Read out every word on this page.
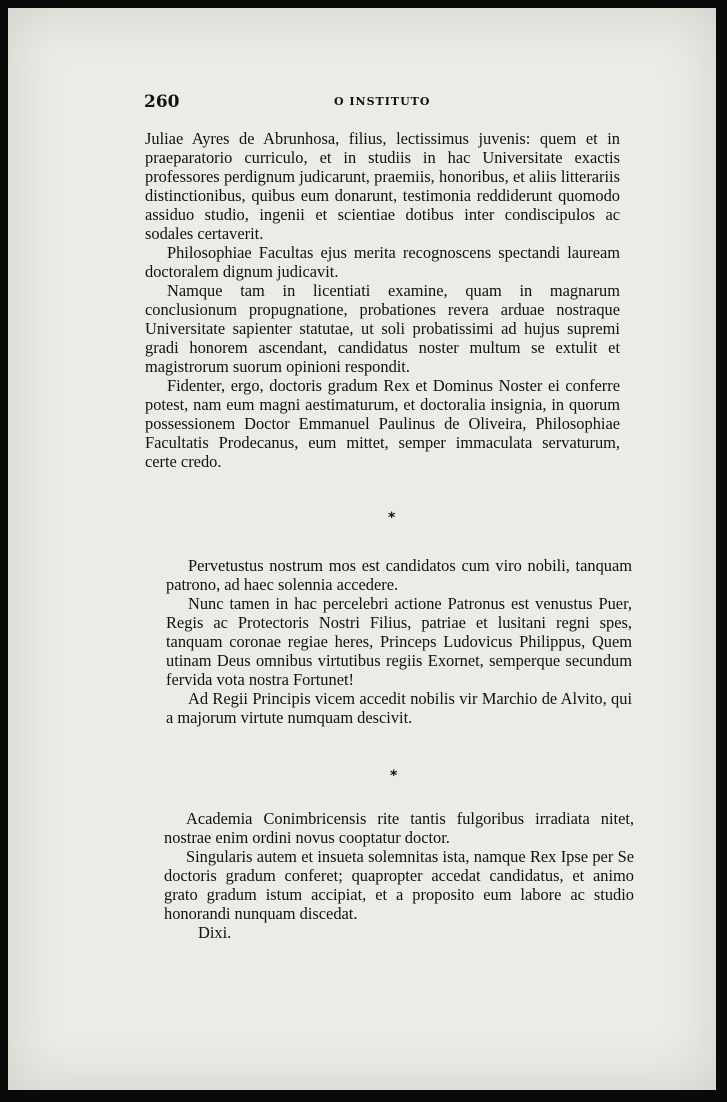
260	O INSTITUTO

Juliae Ayres de Abrunhosa, filius, lectissimus juvenis: quem et in praeparatorio curriculo, et in studiis in hac Universitate exactis professores perdignum judicarunt, praemiis, honoribus, et aliis litterariis distinctionibus, quibus eum donarunt, testimonia reddiderunt quomodo assiduo studio, ingenii et scientiae dotibus inter condiscipulos ac sodales certaverit.

Philosophiae Facultas ejus merita recognoscens spectandi lauream doctoralem dignum judicavit.

Namque tam in licentiati examine, quam in magnarum conclusionum propugnatione, probationes revera arduae nostraque Universitate sapienter statutae, ut soli probatissimi ad hujus supremi gradi honorem ascendant, candidatus noster multum se extulit et magistrorum suorum opinioni respondit.

Fidenter, ergo, doctoris gradum Rex et Dominus Noster ei conferre potest, nam eum magni aestimaturum, et doctoralia insignia, in quorum possessionem Doctor Emmanuel Paulinus de Oliveira, Philosophiae Facultatis Prodecanus, eum mittet, semper immaculata servaturum, certe credo.

*

Pervetustus nostrum mos est candidatos cum viro nobili, tanquam patrono, ad haec solennia accedere.

Nunc tamen in hac percelebri actione Patronus est venustus Puer, Regis ac Protectoris Nostri Filius, patriae et lusitani regni spes, tanquam coronae regiae heres, Princeps Ludovicus Philippus, Quem utinam Deus omnibus virtutibus regiis Exornet, semperque secundum fervida vota nostra Fortunet!

Ad Regii Principis vicem accedit nobilis vir Marchio de Alvito, qui a majorum virtute numquam descivit.

*

Academia Conimbricensis rite tantis fulgoribus irradiata nitet, nostrae enim ordini novus cooptatur doctor.

Singularis autem et insueta solemnitas ista, namque Rex Ipse per Se doctoris gradum conferet; quapropter accedat candidatus, et animo grato gradum istum accipiat, et a proposito eum labore ac studio honorandi nunquam discedat.

Dixi.
